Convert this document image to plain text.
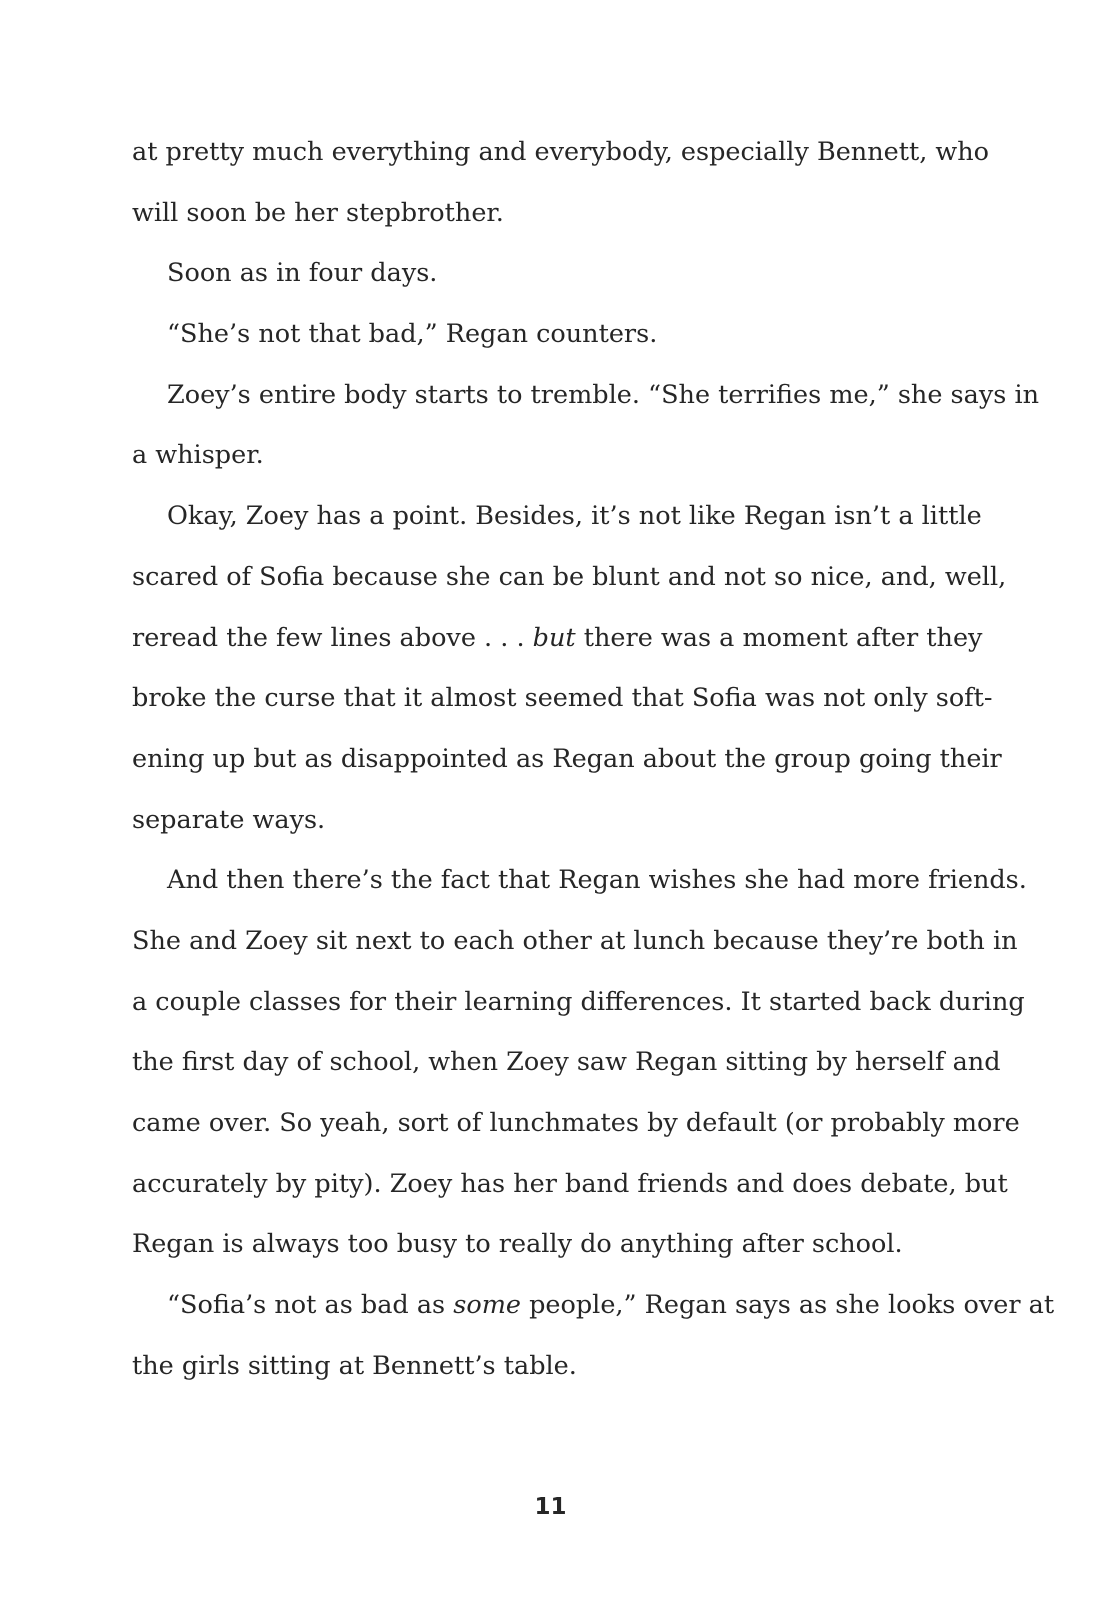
at pretty much everything and everybody, especially Bennett, who
will soon be her stepbrother.
Soon as in four days.
“She’s not that bad,” Regan counters.
Zoey’s entire body starts to tremble. “She terrifies me,” she says in
a whisper.
Okay, Zoey has a point. Besides, it’s not like Regan isn’t a little
scared of Sofia because she can be blunt and not so nice, and, well,
reread the few lines above . . . but there was a moment after they
broke the curse that it almost seemed that Sofia was not only soft-
ening up but as disappointed as Regan about the group going their
separate ways.
And then there’s the fact that Regan wishes she had more friends.
She and Zoey sit next to each other at lunch because they’re both in
a couple classes for their learning differences. It started back during
the first day of school, when Zoey saw Regan sitting by herself and
came over. So yeah, sort of lunchmates by default (or probably more
accurately by pity). Zoey has her band friends and does debate, but
Regan is always too busy to really do anything after school.
“Sofia’s not as bad as some people,” Regan says as she looks over at
the girls sitting at Bennett’s table.
11
